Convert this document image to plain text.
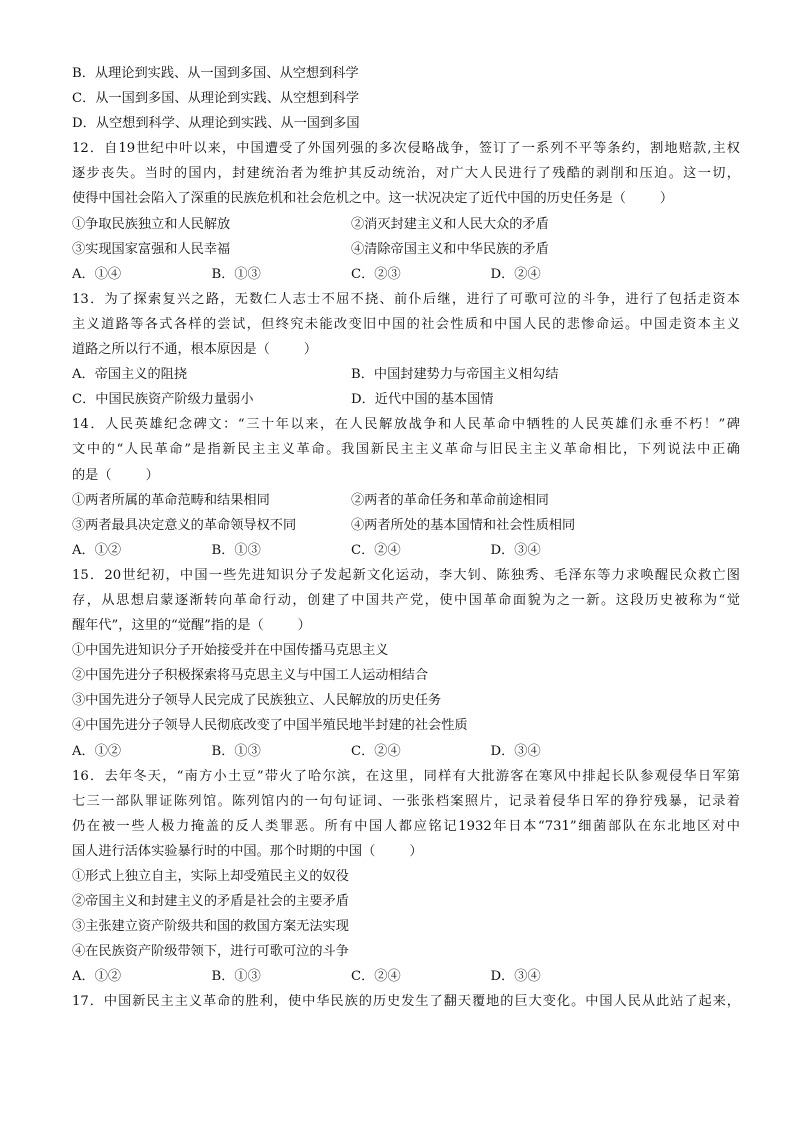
B．从理论到实践、从一国到多国、从空想到科学
C．从一国到多国、从理论到实践、从空想到科学
D．从空想到科学、从理论到实践、从一国到多国
12．自19世纪中叶以来，中国遭受了外国列强的多次侵略战争，签订了一系列不平等条约，割地赔款,主权
逐步丧失。当时的国内，封建统治者为维护其反动统治，对广大人民进行了残酷的剥削和压迫。这一切，
使得中国社会陷入了深重的民族危机和社会危机之中。这一状况决定了近代中国的历史任务是（	）
①争取民族独立和人民解放	②消灭封建主义和人民大众的矛盾
③实现国家富强和人民幸福	④清除帝国主义和中华民族的矛盾
A．①④	B．①③	C．②③	D．②④
13．为了探索复兴之路，无数仁人志士不屈不挠、前仆后继，进行了可歌可泣的斗争，进行了包括走资本
主义道路等各式各样的尝试，但终究未能改变旧中国的社会性质和中国人民的悲惨命运。中国走资本主义
道路之所以行不通，根本原因是（	）
A．帝国主义的阻挠	B．中国封建势力与帝国主义相勾结
C．中国民族资产阶级力量弱小	D．近代中国的基本国情
14．人民英雄纪念碑文：“三十年以来，在人民解放战争和人民革命中牺牲的人民英雄们永垂不朽！”碑
文中的“人民革命”是指新民主主义革命。我国新民主主义革命与旧民主主义革命相比，下列说法中正确
的是（	）
①两者所属的革命范畴和结果相同	②两者的革命任务和革命前途相同
③两者最具决定意义的革命领导权不同	④两者所处的基本国情和社会性质相同
A．①②	B．①③	C．②④	D．③④
15．20世纪初，中国一些先进知识分子发起新文化运动，李大钊、陈独秀、毛泽东等力求唤醒民众救亡图
存，从思想启蒙逐渐转向革命行动，创建了中国共产党，使中国革命面貌为之一新。这段历史被称为“觉
醒年代”，这里的“觉醒”指的是（	）
①中国先进知识分子开始接受并在中国传播马克思主义
②中国先进分子积极探索将马克思主义与中国工人运动相结合
③中国先进分子领导人民完成了民族独立、人民解放的历史任务
④中国先进分子领导人民彻底改变了中国半殖民地半封建的社会性质
A．①②	B．①③	C．②④	D．③④
16．去年冬天，“南方小土豆”带火了哈尔滨，在这里，同样有大批游客在寒风中排起长队参观侵华日军第
七三一部队罪证陈列馆。陈列馆内的一句句证词、一张张档案照片，记录着侵华日军的狰狞残暴，记录着
仍在被一些人极力掩盖的反人类罪恶。所有中国人都应铭记1932年日本“731”细菌部队在东北地区对中
国人进行活体实验暴行时的中国。那个时期的中国（	）
①形式上独立自主，实际上却受殖民主义的奴役
②帝国主义和封建主义的矛盾是社会的主要矛盾
③主张建立资产阶级共和国的救国方案无法实现
④在民族资产阶级带领下，进行可歌可泣的斗争
A．①②	B．①③	C．②④	D．③④
17．中国新民主主义革命的胜利，使中华民族的历史发生了翻天覆地的巨大变化。中国人民从此站了起来，
